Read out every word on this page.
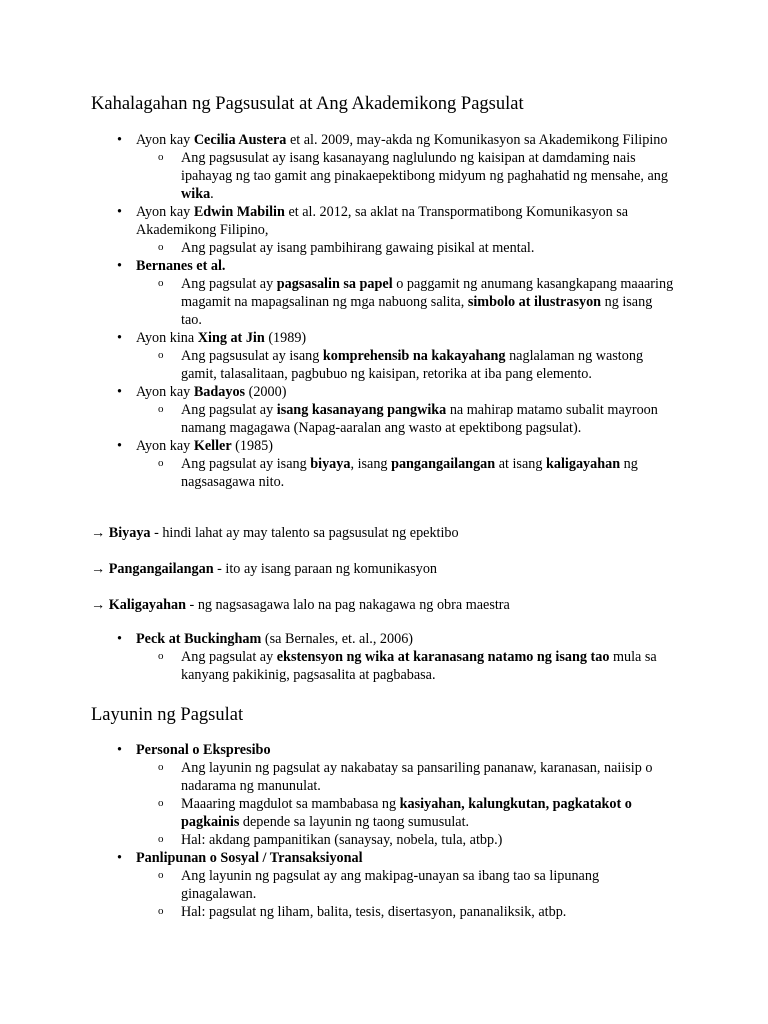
Kahalagahan ng Pagsusulat at Ang Akademikong Pagsulat
• Ayon kay Cecilia Austera et al. 2009, may-akda ng Komunikasyon sa Akademikong Filipino
o Ang pagsusulat ay isang kasanayang naglulundo ng kaisipan at damdaming nais ipahayag ng tao gamit ang pinakaepektibong midyum ng paghahatid ng mensahe, ang wika.
• Ayon kay Edwin Mabilin et al. 2012, sa aklat na Transpormatibong Komunikasyon sa Akademikong Filipino,
o Ang pagsulat ay isang pambihirang gawaing pisikal at mental.
• Bernanes et al.
o Ang pagsulat ay pagsasalin sa papel o paggamit ng anumang kasangkapang maaaring magamit na mapagsalinan ng mga nabuong salita, simbolo at ilustrasyon ng isang tao.
• Ayon kina Xing at Jin (1989)
o Ang pagsusulat ay isang komprehensib na kakayahang naglalaman ng wastong gamit, talasalitaan, pagbubuo ng kaisipan, retorika at iba pang elemento.
• Ayon kay Badayos (2000)
o Ang pagsulat ay isang kasanayang pangwika na mahirap matamo subalit mayroon namang magagawa (Napag-aaralan ang wasto at epektibong pagsulat).
• Ayon kay Keller (1985)
o Ang pagsulat ay isang biyaya, isang pangangailangan at isang kaligayahan ng nagsasagawa nito.
→ Biyaya - hindi lahat ay may talento sa pagsusulat ng epektibo
→ Pangangailangan - ito ay isang paraan ng komunikasyon
→ Kaligayahan - ng nagsasagawa lalo na pag nakagawa ng obra maestra
• Peck at Buckingham (sa Bernales, et. al., 2006)
o Ang pagsulat ay ekstensyon ng wika at karanasang natamo ng isang tao mula sa kanyang pakikinig, pagsasalita at pagbabasa.
Layunin ng Pagsulat
• Personal o Ekspresibo
o Ang layunin ng pagsulat ay nakabatay sa pansariling pananaw, karanasan, naiisip o nadarama ng manunulat.
o Maaaring magdulot sa mambabasa ng kasiyahan, kalungkutan, pagkatakot o pagkainis depende sa layunin ng taong sumusulat.
o Hal: akdang pampanitikan (sanaysay, nobela, tula, atbp.)
• Panlipunan o Sosyal / Transaksiyonal
o Ang layunin ng pagsulat ay ang makipag-unayan sa ibang tao sa lipunang ginagalawan.
o Hal: pagsulat ng liham, balita, tesis, disertasyon, pananaliksik, atbp.
